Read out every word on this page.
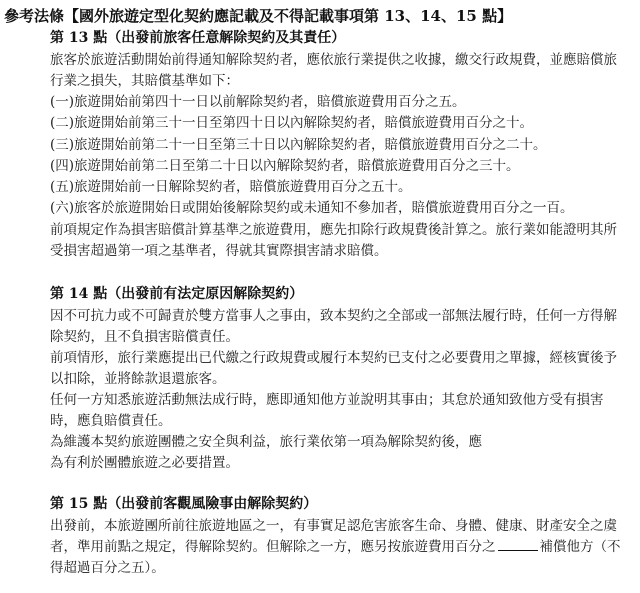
參考法條【國外旅遊定型化契約應記載及不得記載事項第 13、14、15 點】
第 13 點（出發前旅客任意解除契約及其責任）
旅客於旅遊活動開始前得通知解除契約者，應依旅行業提供之收據，繳交行政規費，並應賠償旅行業之損失，其賠償基準如下：
(一)旅遊開始前第四十一日以前解除契約者，賠償旅遊費用百分之五。
(二)旅遊開始前第三十一日至第四十日以內解除契約者，賠償旅遊費用百分之十。
(三)旅遊開始前第二十一日至第三十日以內解除契約者，賠償旅遊費用百分之二十。
(四)旅遊開始前第二日至第二十日以內解除契約者，賠償旅遊費用百分之三十。
(五)旅遊開始前一日解除契約者，賠償旅遊費用百分之五十。
(六)旅客於旅遊開始日或開始後解除契約或未通知不參加者，賠償旅遊費用百分之一百。
前項規定作為損害賠償計算基準之旅遊費用，應先扣除行政規費後計算之。旅行業如能證明其所受損害超過第一項之基準者，得就其實際損害請求賠償。
第 14 點（出發前有法定原因解除契約）
因不可抗力或不可歸責於雙方當事人之事由，致本契約之全部或一部無法履行時，任何一方得解除契約，且不負損害賠償責任。
前項情形，旅行業應提出已代繳之行政規費或履行本契約已支付之必要費用之單據，經核實後予以扣除，並將餘款退還旅客。
任何一方知悉旅遊活動無法成行時，應即通知他方並說明其事由；其怠於通知致他方受有損害時，應負賠償責任。
為維護本契約旅遊團體之安全與利益，旅行業依第一項為解除契約後，應
為有利於團體旅遊之必要措置。
第 15 點（出發前客觀風險事由解除契約）
出發前，本旅遊團所前往旅遊地區之一，有事實足認危害旅客生命、身體、健康、財產安全之虞者，準用前點之規定，得解除契約。但解除之一方，應另按旅遊費用百分之	補償他方（不得超過百分之五）。
